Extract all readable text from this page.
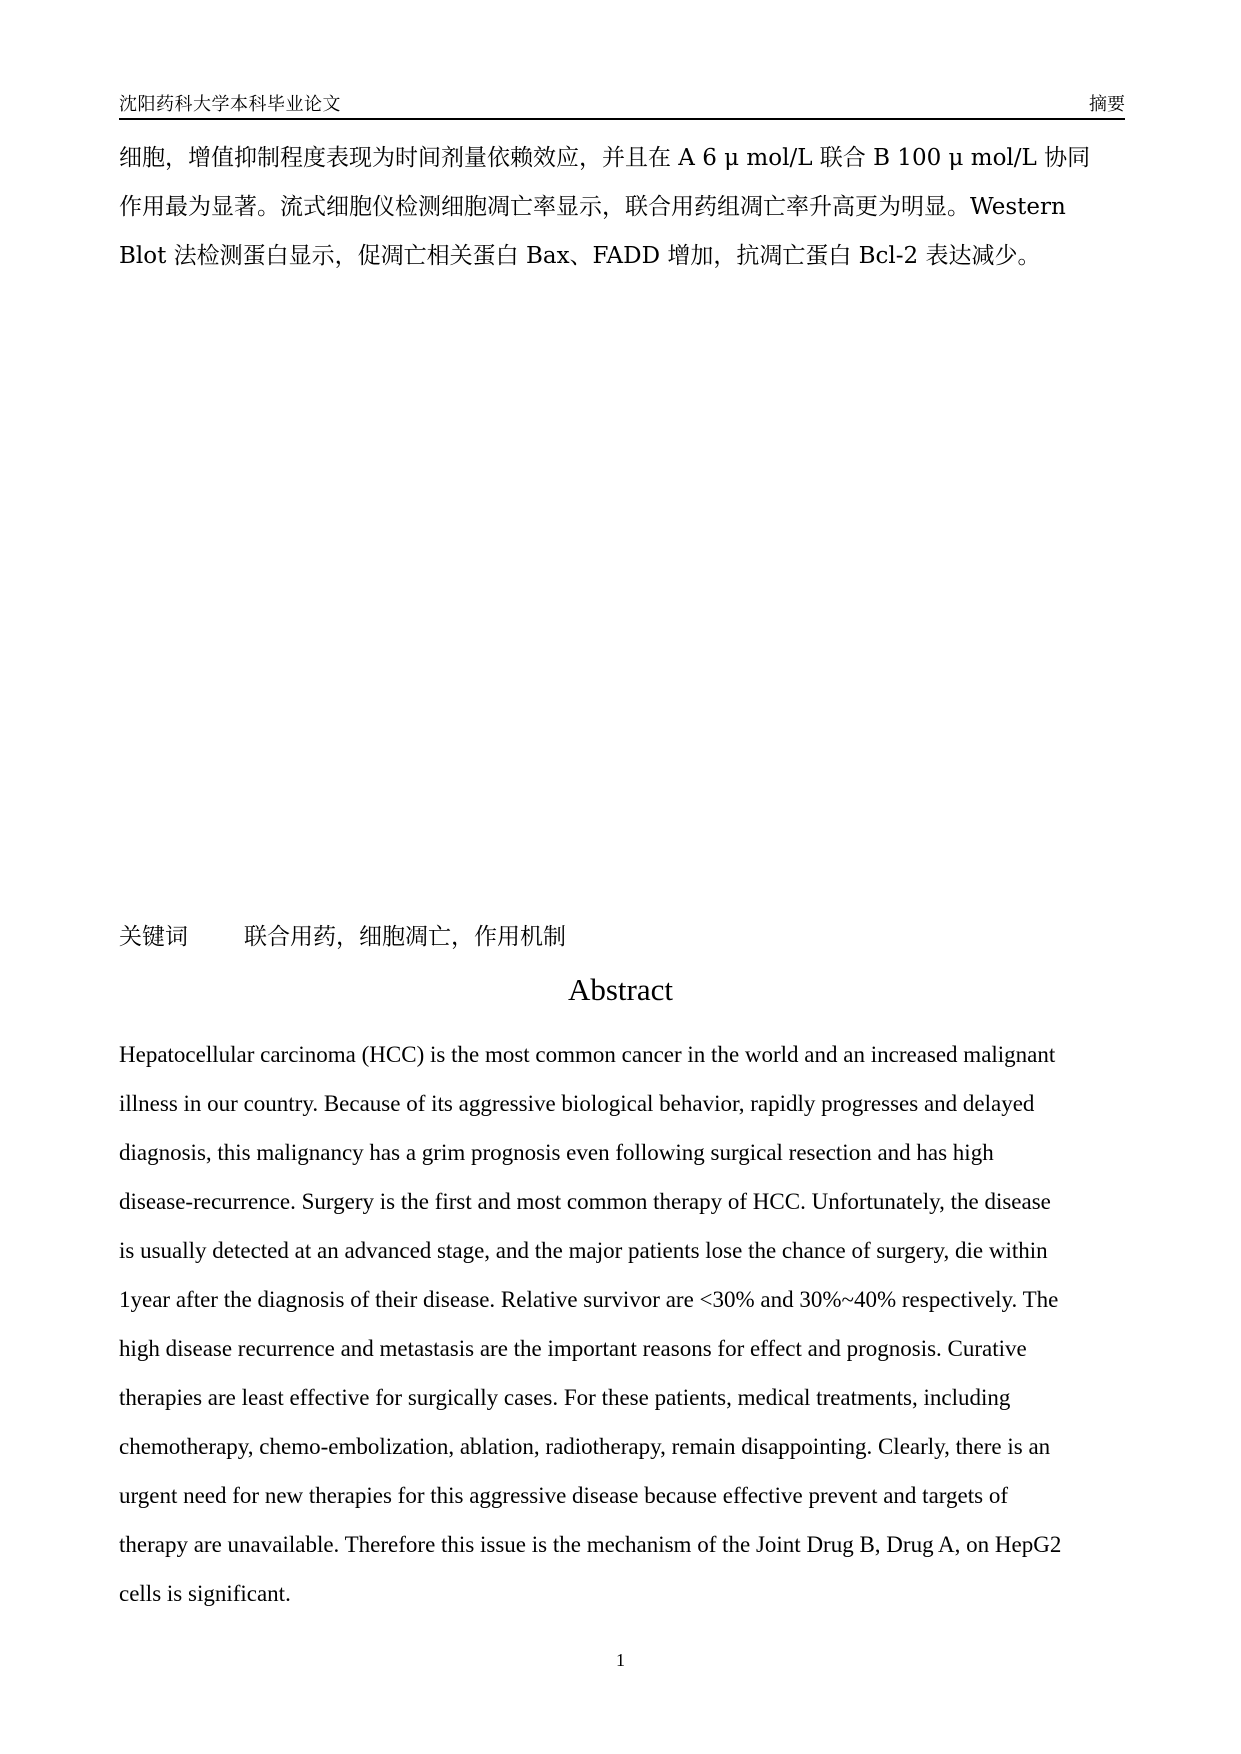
沈阳药科大学本科毕业论文	摘要
细胞，增值抑制程度表现为时间剂量依赖效应，并且在 A 6 μ mol/L 联合 B 100 μ mol/L 协同
作用最为显著。流式细胞仪检测细胞凋亡率显示，联合用药组凋亡率升高更为明显。Western
Blot 法检测蛋白显示，促凋亡相关蛋白 Bax、FADD 增加，抗凋亡蛋白 Bcl-2 表达减少。
关键词 联合用药，细胞凋亡，作用机制
Abstract
Hepatocellular carcinoma (HCC) is the most common cancer in the world and an increased malignant
illness in our country. Because of its aggressive biological behavior, rapidly progresses and delayed
diagnosis, this malignancy has a grim prognosis even following surgical resection and has high
disease-recurrence. Surgery is the first and most common therapy of HCC. Unfortunately, the disease
is usually detected at an advanced stage, and the major patients lose the chance of surgery, die within
1year after the diagnosis of their disease. Relative survivor are <30% and 30%~40% respectively. The
high disease recurrence and metastasis are the important reasons for effect and prognosis. Curative
therapies are least effective for surgically cases. For these patients, medical treatments, including
chemotherapy, chemo-embolization, ablation, radiotherapy, remain disappointing. Clearly, there is an
urgent need for new therapies for this aggressive disease because effective prevent and targets of
therapy are unavailable. Therefore this issue is the mechanism of the Joint Drug B, Drug A, on HepG2
cells is significant.
1
